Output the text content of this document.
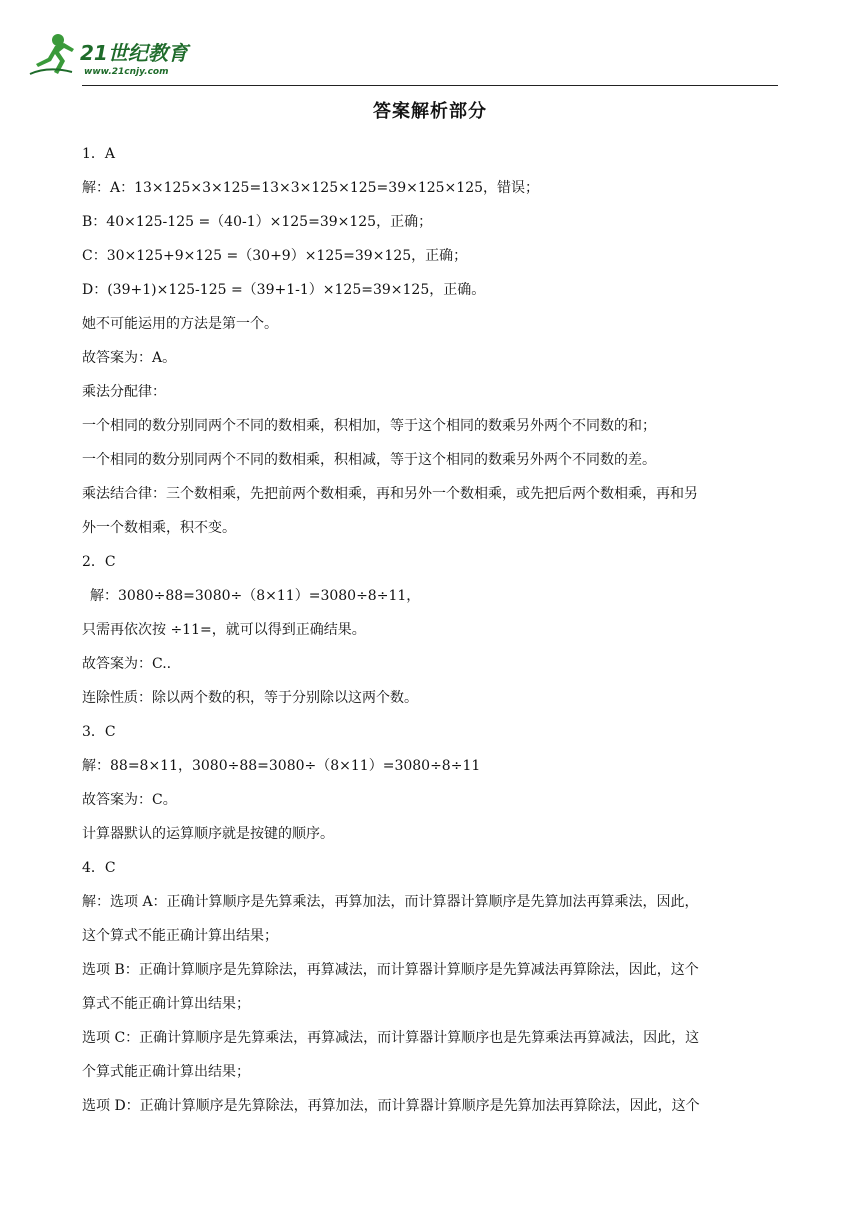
21世纪教育
www.21cnjy.com
答案解析部分
1．A
解：A：13×125×3×125=13×3×125×125=39×125×125，错误；
B：40×125-125 =（40-1）×125=39×125，正确；
C：30×125+9×125 =（30+9）×125=39×125，正确；
D：(39+1)×125-125 =（39+1-1）×125=39×125，正确。
她不可能运用的方法是第一个。
故答案为：A。
乘法分配律：
一个相同的数分别同两个不同的数相乘，积相加，等于这个相同的数乘另外两个不同数的和；
一个相同的数分别同两个不同的数相乘，积相减，等于这个相同的数乘另外两个不同数的差。
乘法结合律：三个数相乘，先把前两个数相乘，再和另外一个数相乘，或先把后两个数相乘，再和另
外一个数相乘，积不变。
2．C
解：3080÷88=3080÷（8×11）=3080÷8÷11，
只需再依次按 ÷11=，就可以得到正确结果。
故答案为：C..
连除性质：除以两个数的积，等于分别除以这两个数。
3．C
解：88=8×11，3080÷88=3080÷（8×11）=3080÷8÷11
故答案为：C。
计算器默认的运算顺序就是按键的顺序。
4．C
解：选项 A：正确计算顺序是先算乘法，再算加法，而计算器计算顺序是先算加法再算乘法，因此，
这个算式不能正确计算出结果；
选项 B：正确计算顺序是先算除法，再算减法，而计算器计算顺序是先算减法再算除法，因此，这个
算式不能正确计算出结果；
选项 C：正确计算顺序是先算乘法，再算减法，而计算器计算顺序也是先算乘法再算减法，因此，这
个算式能正确计算出结果；
选项 D：正确计算顺序是先算除法，再算加法，而计算器计算顺序是先算加法再算除法，因此，这个
